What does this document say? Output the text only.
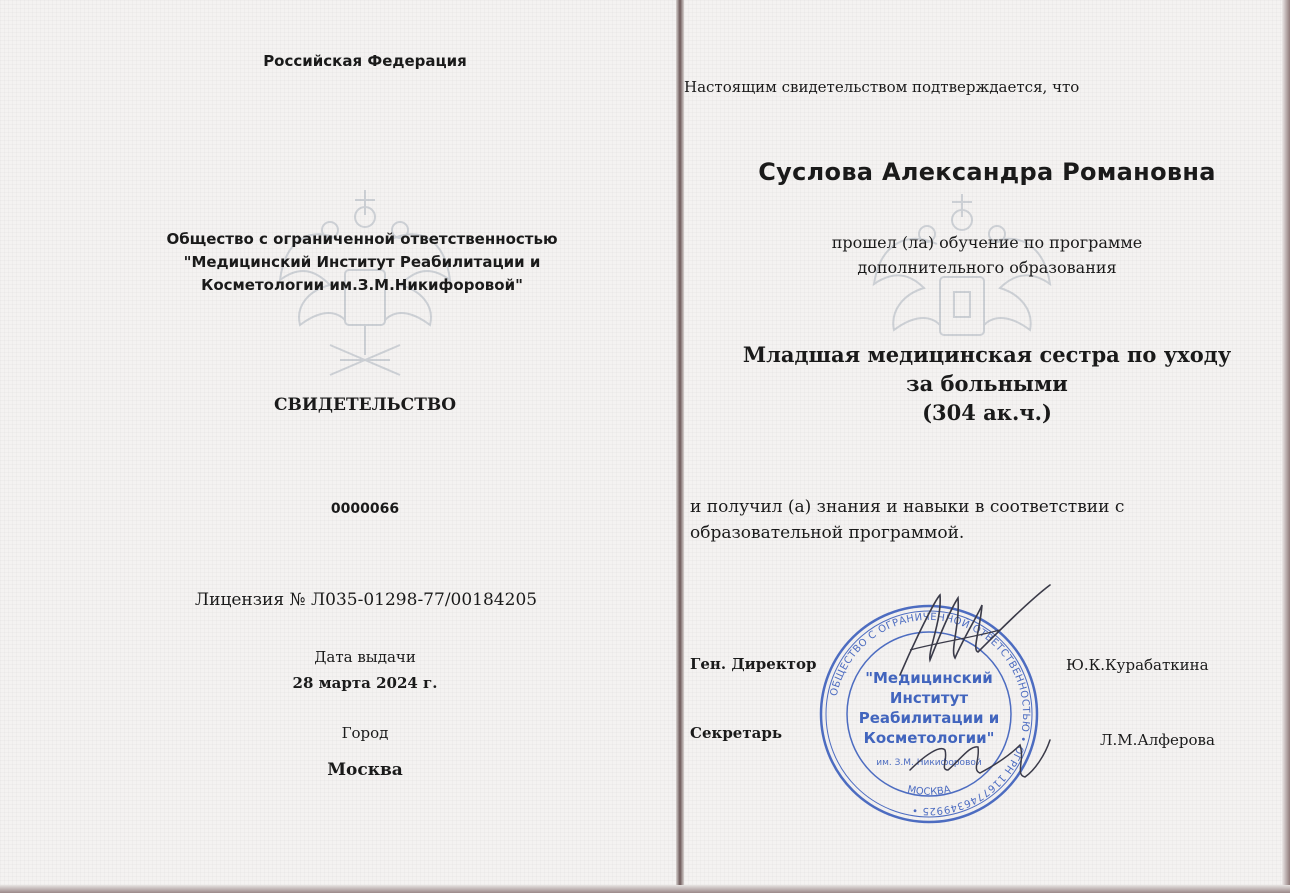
Российская Федерация
Общество с ограниченной ответственностью
"Медицинский Институт Реабилитации и
Косметологии им.З.М.Никифоровой"
СВИДЕТЕЛЬСТВО
0000066
Лицензия № Л035-01298-77/00184205
Дата выдачи
28 марта 2024 г.
Город
Москва
Настоящим свидетельством подтверждается, что
Суслова Александра Романовна
прошел (ла) обучение по программе
дополнительного образования
Младшая медицинская сестра по уходу
за больными
(304 ак.ч.)
и получил (а) знания и навыки в соответствии с
образовательной программой.
Ген. Директор	Ю.К.Курабаткина
Секретарь	Л.М.Алферова
ОБЩЕСТВО С ОГРАНИЧЕННОЙ ОТВЕТСТВЕННОСТЬЮ • ОГРН 1167746349925 •
МОСКВА
"Медицинский
Институт
Реабилитации и
Косметологии"
им. З.М. Никифоровой
